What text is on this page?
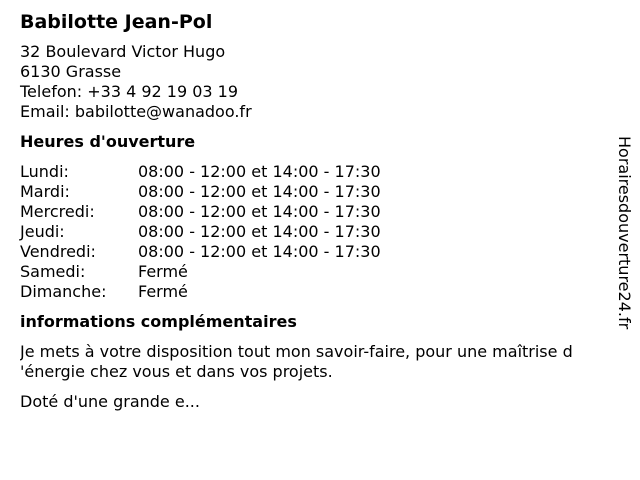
Babilotte Jean-Pol
32 Boulevard Victor Hugo
6130 Grasse
Telefon: +33 4 92 19 03 19
Email: babilotte@wanadoo.fr
Heures d'ouverture
Lundi:	08:00 - 12:00 et 14:00 - 17:30
Mardi:	08:00 - 12:00 et 14:00 - 17:30
Mercredi:	08:00 - 12:00 et 14:00 - 17:30
Jeudi:	08:00 - 12:00 et 14:00 - 17:30
Vendredi:	08:00 - 12:00 et 14:00 - 17:30
Samedi:	Fermé
Dimanche:	Fermé
informations complémentaires
Je mets à votre disposition tout mon savoir-faire, pour une maîtrise d
'énergie chez vous et dans vos projets.
Doté d'une grande e...
Horairesdouverture24.fr
